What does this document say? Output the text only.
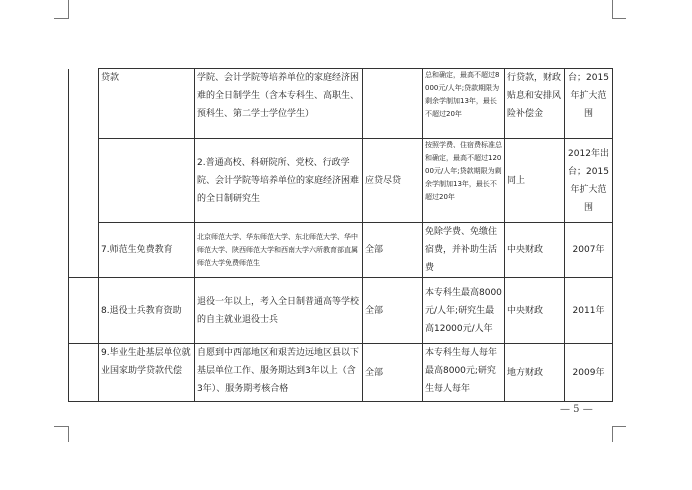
	贷款	学院、会计学院等培养单位的家庭经济困难的全日制学生（含本专科生、高职生、预科生、第二学士学位学生）		总和确定，最高不超过8000元/人年;贷款期限为剩余学制加13年，最长不超过20年	行贷款，财政贴息和安排风险补偿金	台；2015年扩大范围
		2.普通高校、科研院所、党校、行政学院、会计学院等培养单位的家庭经济困难的全日制研究生	应贷尽贷	按照学费、住宿费标准总和确定，最高不超过12000元/人年;贷款期限为剩余学制加13年，最长不超过20年	同上	2012年出台；2015年扩大范围
	7.师范生免费教育	北京师范大学、华东师范大学、东北师范大学、华中师范大学、陕西师范大学和西南大学六所教育部直属师范大学免费师范生	全部	免除学费、免缴住宿费，并补助生活费	中央财政	2007年
	8.退役士兵教育资助	退役一年以上，考入全日制普通高等学校的自主就业退役士兵	全部	本专科生最高8000元/人年;研究生最高12000元/人年	中央财政	2011年
	9.毕业生赴基层单位就业国家助学贷款代偿	自愿到中西部地区和艰苦边远地区县以下基层单位工作、服务期达到3年以上（含3年）、服务期考核合格	全部	本专科生每人每年最高8000元;研究生每人每年	地方财政	2009年
— 5 —
